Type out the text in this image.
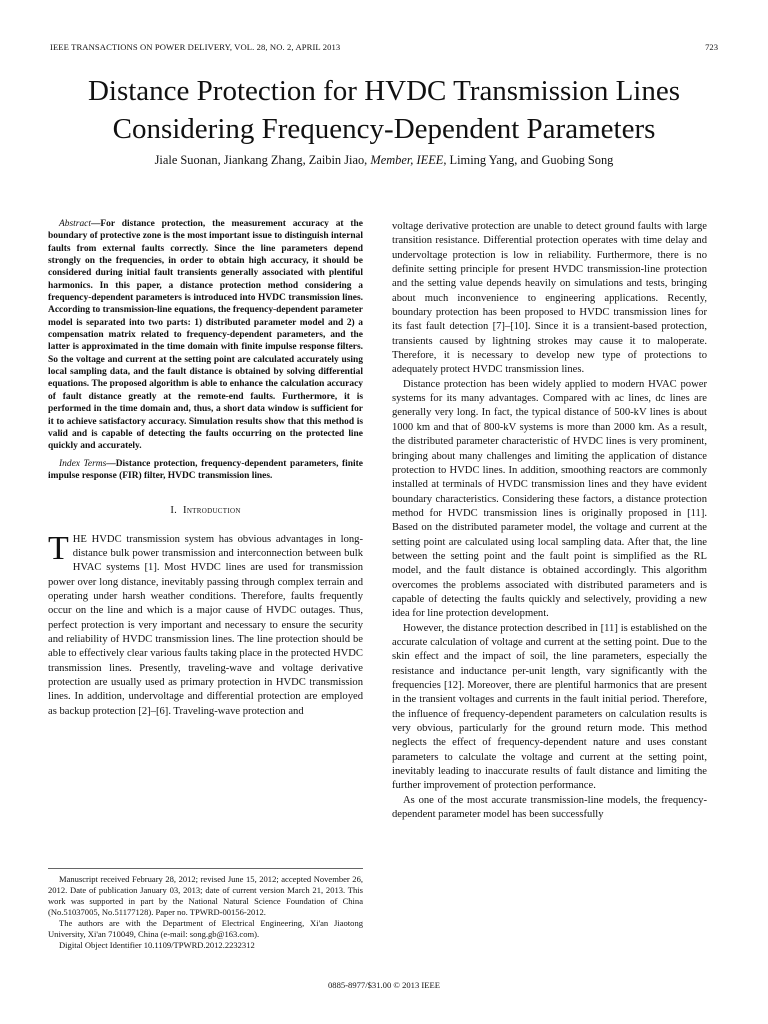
IEEE TRANSACTIONS ON POWER DELIVERY, VOL. 28, NO. 2, APRIL 2013	723
Distance Protection for HVDC Transmission Lines Considering Frequency-Dependent Parameters
Jiale Suonan, Jiankang Zhang, Zaibin Jiao, Member, IEEE, Liming Yang, and Guobing Song

Abstract—For distance protection, the measurement accuracy at the boundary of protective zone is the most important issue to distinguish internal faults from external faults correctly. Since the line parameters depend strongly on the frequencies, in order to obtain high accuracy, it should be considered during initial fault transients generally associated with plentiful harmonics. In this paper, a distance protection method considering a frequency-dependent parameters is introduced into HVDC transmission lines. According to transmission-line equations, the frequency-dependent parameter model is separated into two parts: 1) distributed parameter model and 2) a compensation matrix related to frequency-dependent parameters, and the latter is approximated in the time domain with finite impulse response filters. So the voltage and current at the setting point are calculated accurately using local sampling data, and the fault distance is obtained by solving differential equations. The proposed algorithm is able to enhance the calculation accuracy of fault distance greatly at the remote-end faults. Furthermore, it is performed in the time domain and, thus, a short data window is sufficient for it to achieve satisfactory accuracy. Simulation results show that this method is valid and is capable of detecting the faults occurring on the protected line quickly and accurately.

Index Terms—Distance protection, frequency-dependent parameters, finite impulse response (FIR) filter, HVDC transmission lines.

I. Introduction

THE HVDC transmission system has obvious advantages in long-distance bulk power transmission and interconnection between bulk HVAC systems [1]. Most HVDC lines are used for transmission power over long distance, inevitably passing through complex terrain and operating under harsh weather conditions. Therefore, faults frequently occur on the line and which is a major cause of HVDC outages. Thus, perfect protection is very important and necessary to ensure the security and reliability of HVDC transmission lines. The line protection should be able to effectively clear various faults taking place in the protected HVDC transmission lines. Presently, traveling-wave and voltage derivative protection are usually used as primary protection in HVDC transmission lines. In addition, undervoltage and differential protection are employed as backup protection [2]–[6]. Traveling-wave protection and

Manuscript received February 28, 2012; revised June 15, 2012; accepted November 26, 2012. Date of publication January 03, 2013; date of current version March 21, 2013. This work was supported in part by the National Natural Science Foundation of China (No.51037005, No.51177128). Paper no. TPWRD-00156-2012.

The authors are with the Department of Electrical Engineering, Xi'an Jiaotong University, Xi'an 710049, China (e-mail: song.gb@163.com).

Digital Object Identifier 10.1109/TPWRD.2012.2232312

voltage derivative protection are unable to detect ground faults with large transition resistance. Differential protection operates with time delay and undervoltage protection is low in reliability. Furthermore, there is no definite setting principle for present HVDC transmission-line protection and the setting value depends heavily on simulations and tests, bringing about much inconvenience to engineering applications. Recently, boundary protection has been proposed to HVDC transmission lines for its fast fault detection [7]–[10]. Since it is a transient-based protection, transients caused by lightning strokes may cause it to maloperate. Therefore, it is necessary to develop new type of protections to adequately protect HVDC transmission lines.

Distance protection has been widely applied to modern HVAC power systems for its many advantages. Compared with ac lines, dc lines are generally very long. In fact, the typical distance of 500-kV lines is about 1000 km and that of 800-kV systems is more than 2000 km. As a result, the distributed parameter characteristic of HVDC lines is very prominent, bringing about many challenges and limiting the application of distance protection to HVDC lines. In addition, smoothing reactors are commonly installed at terminals of HVDC transmission lines and they have evident boundary characteristics. Considering these factors, a distance protection method for HVDC transmission lines is originally proposed in [11]. Based on the distributed parameter model, the voltage and current at the setting point are calculated using local sampling data. After that, the line between the setting point and the fault point is simplified as the RL model, and the fault distance is obtained accordingly. This algorithm overcomes the problems associated with distributed parameters and is capable of detecting the faults quickly and selectively, providing a new idea for line protection development.

However, the distance protection described in [11] is established on the accurate calculation of voltage and current at the setting point. Due to the skin effect and the impact of soil, the line parameters, especially the resistance and inductance per-unit length, vary significantly with the frequencies [12]. Moreover, there are plentiful harmonics that are present in the transient voltages and currents in the fault initial period. Therefore, the influence of frequency-dependent parameters on calculation results is very obvious, particularly for the ground return mode. This method neglects the effect of frequency-dependent nature and uses constant parameters to calculate the voltage and current at the setting point, inevitably leading to inaccurate results of fault distance and limiting the further improvement of protection performance.

As one of the most accurate transmission-line models, the frequency-dependent parameter model has been successfully

0885-8977/$31.00 © 2013 IEEE
